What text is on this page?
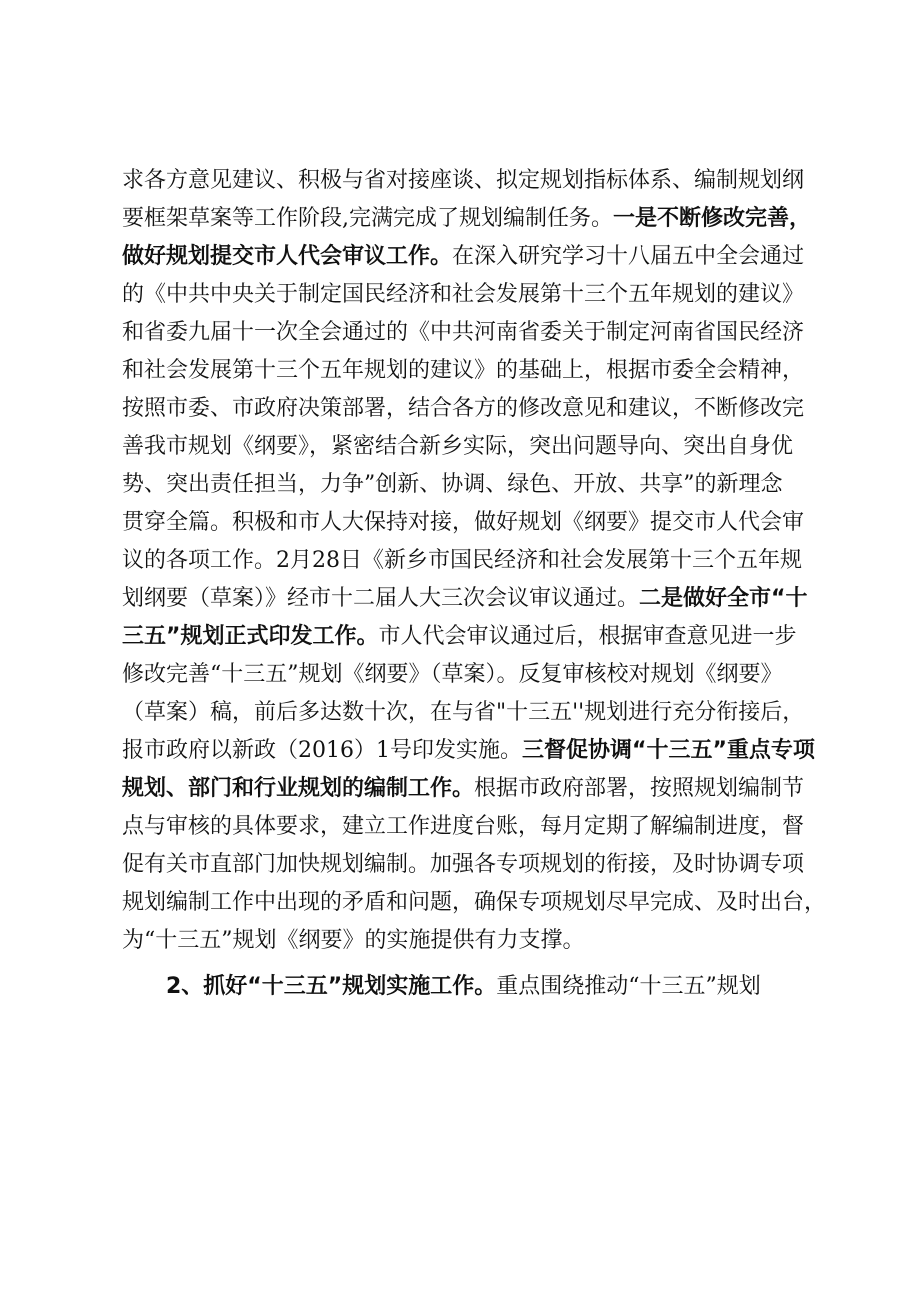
求各方意见建议、积极与省对接座谈、拟定规划指标体系、编制规划纲
要框架草案等工作阶段,完满完成了规划编制任务。一是不断修改完善，
做好规划提交市人代会审议工作。在深入研究学习十八届五中全会通过
的《中共中央关于制定国民经济和社会发展第十三个五年规划的建议》
和省委九届十一次全会通过的《中共河南省委关于制定河南省国民经济
和社会发展第十三个五年规划的建议》的基础上，根据市委全会精神，
按照市委、市政府决策部署，结合各方的修改意见和建议，不断修改完
善我市规划《纲要》，紧密结合新乡实际，突出问题导向、突出自身优
势、突出责任担当，力争”创新、协调、绿色、开放、共享”的新理念
贯穿全篇。积极和市人大保持对接，做好规划《纲要》提交市人代会审
议的各项工作。2月28日《新乡市国民经济和社会发展第十三个五年规
划纲要（草案）》经市十二届人大三次会议审议通过。二是做好全市“十
三五”规划正式印发工作。市人代会审议通过后，根据审查意见进一步
修改完善“十三五”规划《纲要》（草案）。反复审核校对规划《纲要》
（草案）稿，前后多达数十次，在与省"十三五''规划进行充分衔接后，
报市政府以新政（2016）1号印发实施。三督促协调“十三五”重点专项
规划、部门和行业规划的编制工作。根据市政府部署，按照规划编制节
点与审核的具体要求，建立工作进度台账，每月定期了解编制进度，督
促有关市直部门加快规划编制。加强各专项规划的衔接，及时协调专项
规划编制工作中出现的矛盾和问题，确保专项规划尽早完成、及时出台，
为“十三五”规划《纲要》的实施提供有力支撑。
2、抓好“十三五”规划实施工作。重点围绕推动“十三五”规划
